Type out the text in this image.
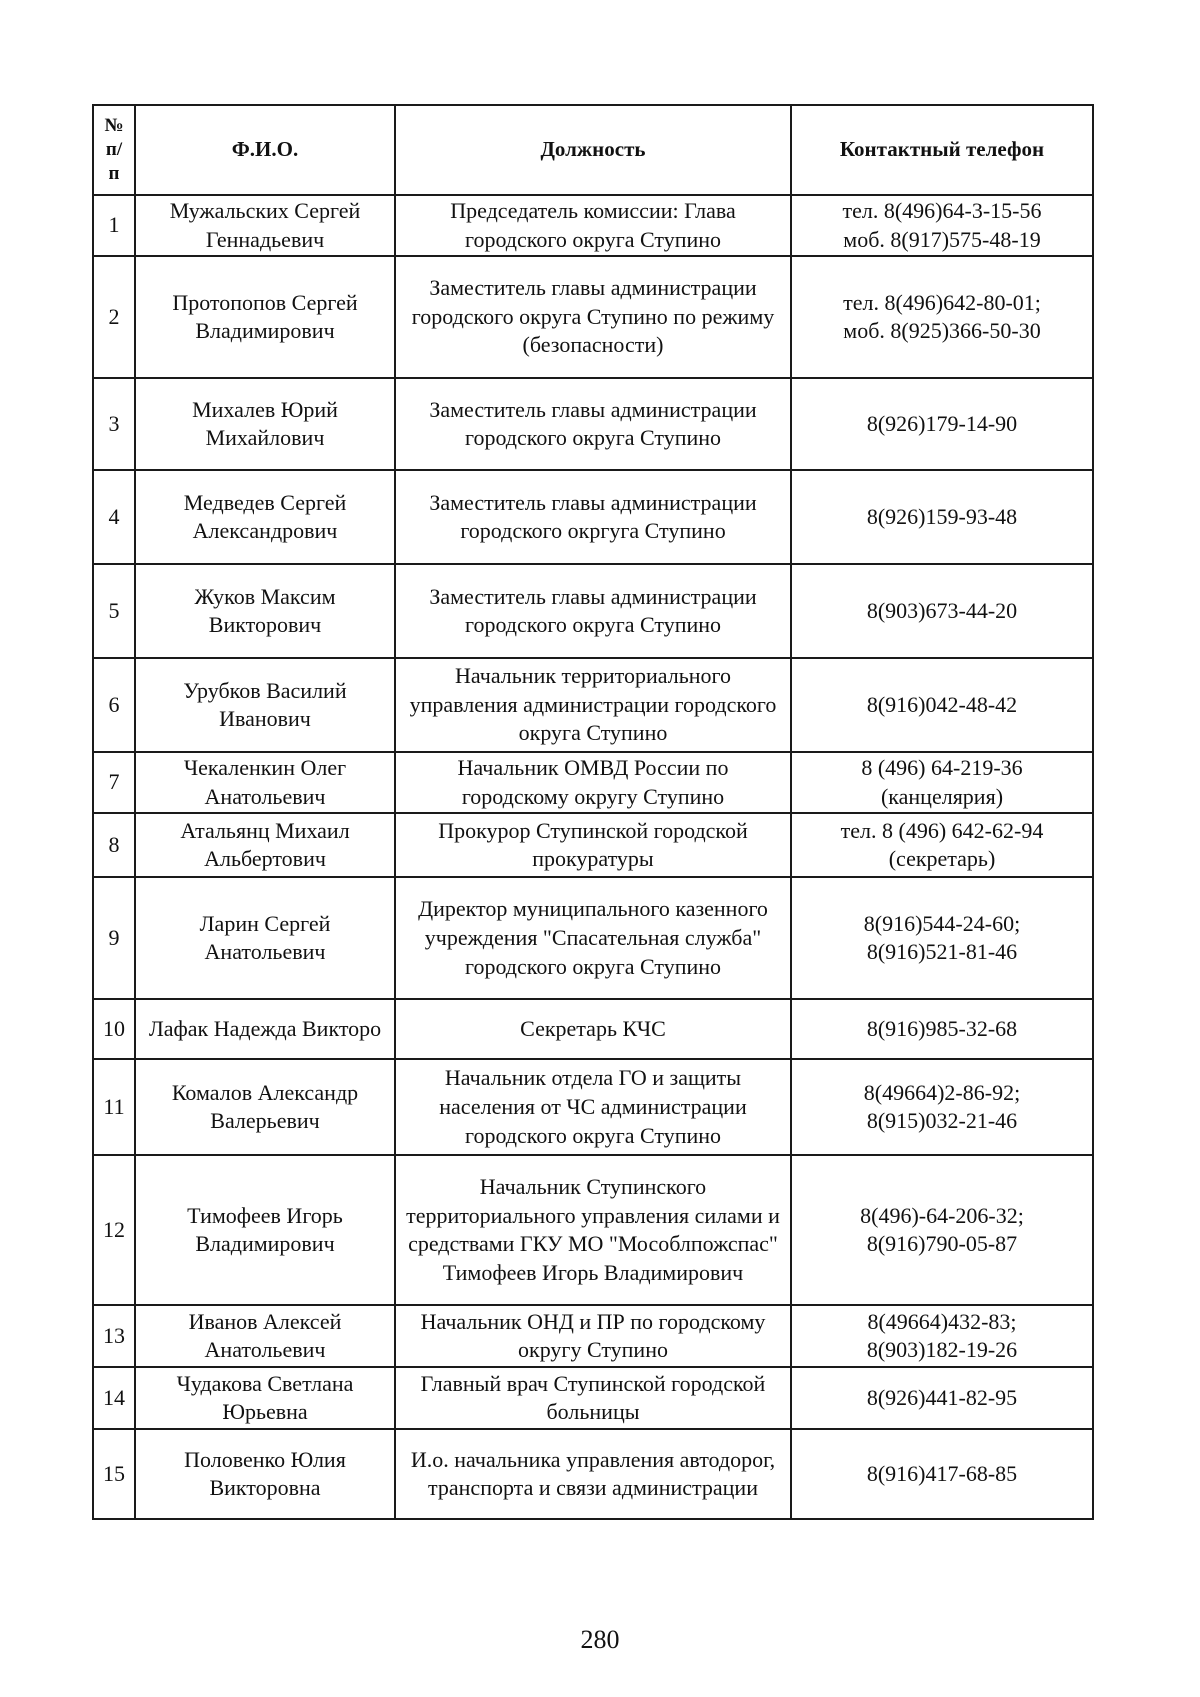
№
п/
п	Ф.И.О.	Должность	Контактный телефон
1	Мужальских Сергей Геннадьевич	Председатель комиссии: Глава городского округа Ступино	тел. 8(496)64-3-15-56
моб. 8(917)575-48-19

2	Протопопов Сергей Владимирович	Заместитель главы администрации городского округа Ступино по режиму (безопасности)	тел. 8(496)642-80-01;
моб. 8(925)366-50-30

3	Михалев Юрий Михайлович	Заместитель главы администрации городского округа Ступино	8(926)179-14-90

4	Медведев Сергей Александрович	Заместитель главы администрации городского окргуга Ступино	8(926)159-93-48

5	Жуков Максим Викторович	Заместитель главы администрации городского округа Ступино	8(903)673-44-20

6	Урубков Василий Иванович	Начальник территориального управления администрации городского округа Ступино	8(916)042-48-42

7	Чекаленкин Олег Анатольевич	Начальник ОМВД России по городскому округу Ступино	8 (496) 64-219-36
(канцелярия)

8	Атальянц Михаил Альбертович	Прокурор Ступинской городской прокуратуры	тел. 8 (496) 642-62-94
(секретарь)

9	Ларин Сергей Анатольевич	Директор муниципального казенного учреждения "Спасательная служба" городского округа Ступино	8(916)544-24-60;
8(916)521-81-46

10	Лафак Надежда Викторо	Секретарь КЧС	8(916)985-32-68

11	Комалов Александр Валерьевич	Начальник отдела ГО и защиты населения от ЧС администрации городского округа Ступино	8(49664)2-86-92;
8(915)032-21-46

12	Тимофеев Игорь Владимирович	Начальник Ступинского территориального управления силами и средствами ГКУ МО "Мособлпожспас" Тимофеев Игорь Владимирович	8(496)-64-206-32;
8(916)790-05-87

13	Иванов Алексей Анатольевич	Начальник ОНД и ПР по городскому округу Ступино	8(49664)432-83;
8(903)182-19-26

14	Чудакова Светлана Юрьевна	Главный врач Ступинской городской больницы	8(926)441-82-95

15	Половенко Юлия Викторовна	И.о. начальника управления автодорог, транспорта и связи администрации	8(916)417-68-85
280
